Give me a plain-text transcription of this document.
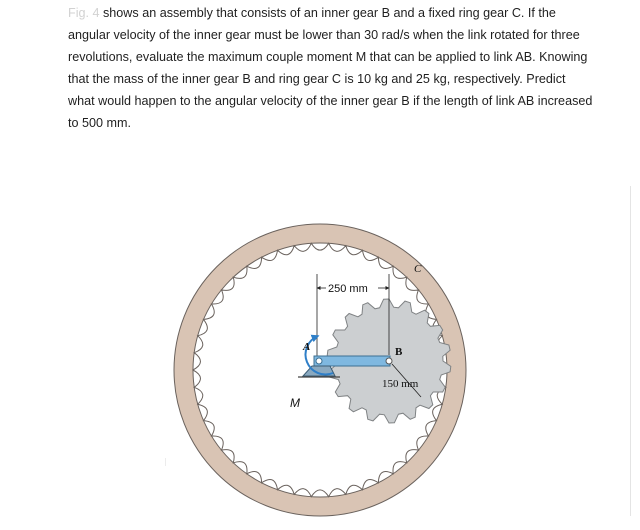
Fig. 4 shows an assembly that consists of an inner gear B and a fixed ring gear C. If the

angular velocity of the inner gear must be lower than 30 rad/s when the link rotated for three

revolutions, evaluate the maximum couple moment M that can be applied to link AB. Knowing

that the mass of the inner gear B and ring gear C is 10 kg and 25 kg, respectively. Predict

what would happen to the angular velocity of the inner gear B if the length of link AB increased

to 500 mm.

250 mm
150 mm
A	B
C
M
